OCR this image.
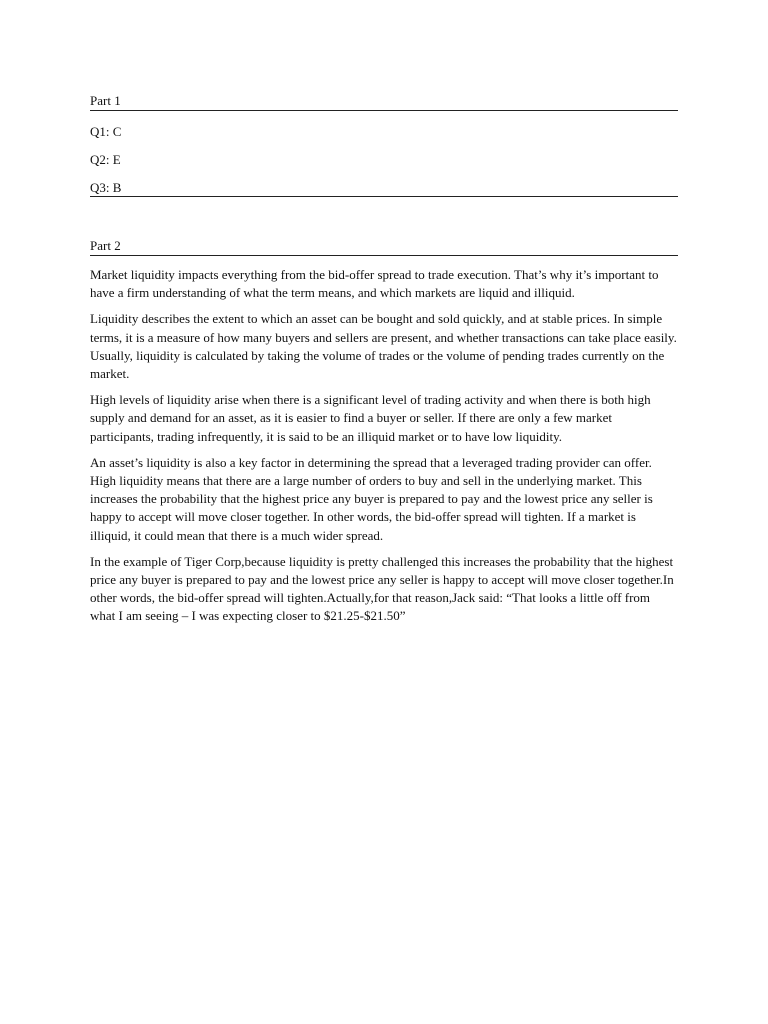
Part 1
Q1: C
Q2: E
Q3: B
Part 2

Market liquidity impacts everything from the bid-offer spread to trade execution. That’s why it’s important to have a firm understanding of what the term means, and which markets are liquid and illiquid.

Liquidity describes the extent to which an asset can be bought and sold quickly, and at stable prices. In simple terms, it is a measure of how many buyers and sellers are present, and whether transactions can take place easily. Usually, liquidity is calculated by taking the volume of trades or the volume of pending trades currently on the market.

High levels of liquidity arise when there is a significant level of trading activity and when there is both high supply and demand for an asset, as it is easier to find a buyer or seller. If there are only a few market participants, trading infrequently, it is said to be an illiquid market or to have low liquidity.

An asset’s liquidity is also a key factor in determining the spread that a leveraged trading provider can offer. High liquidity means that there are a large number of orders to buy and sell in the underlying market. This increases the probability that the highest price any buyer is prepared to pay and the lowest price any seller is happy to accept will move closer together. In other words, the bid-offer spread will tighten. If a market is illiquid, it could mean that there is a much wider spread.

In the example of Tiger Corp,because liquidity is pretty challenged this increases the probability that the highest price any buyer is prepared to pay and the lowest price any seller is happy to accept will move closer together.In other words, the bid-offer spread will tighten.Actually,for that reason,Jack said: “That looks a little off from what I am seeing – I was expecting closer to $21.25-$21.50”
